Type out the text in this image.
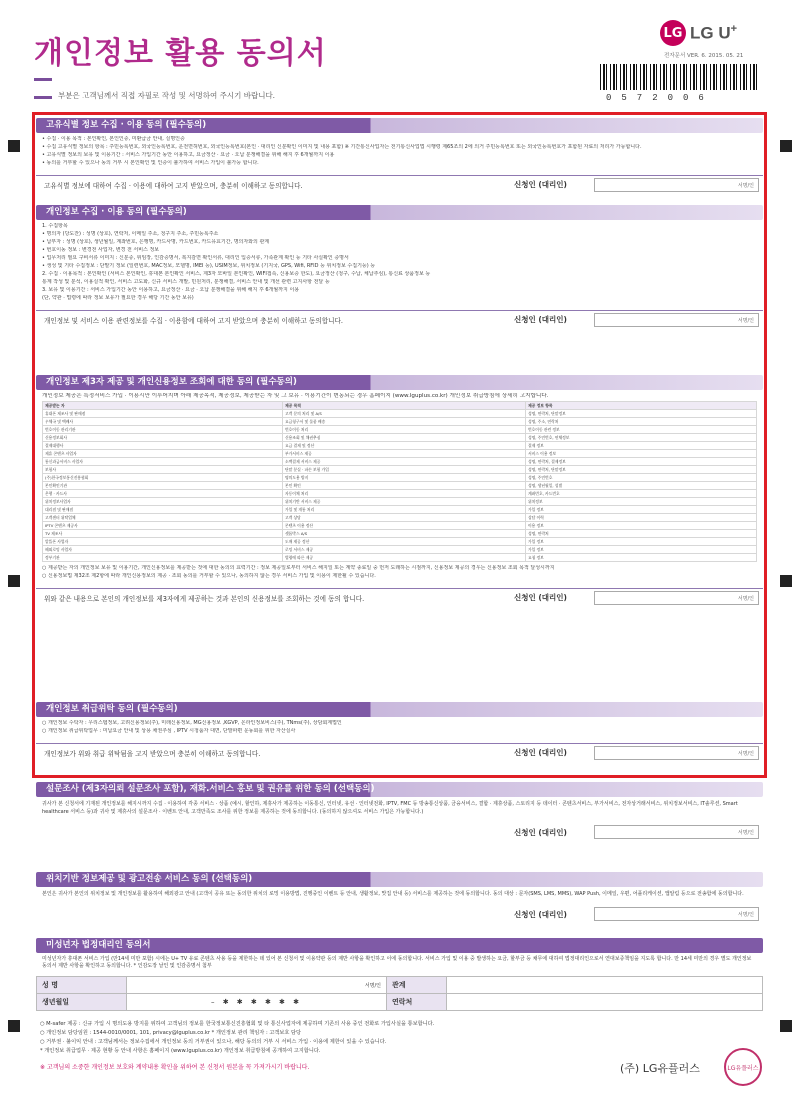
개인정보 활용 동의서
LG LG U+
전자문서 VER. 6. 2015. 05. 21
0572006
부분은 고객님께서 직접 자필로 작성 및 서명하여 주시기 바랍니다.
고유식별 정보 수집 · 이용 동의 (필수동의)
• 수집 · 이용 목적 : 본인확인, 본인인증, 미환급금 안내, 실명인증
• 수집 고유식별 정보의 항목 : 주민등록번호, 외국인등록번호, 운전면허번호, 외국인등록번호(본인 · 대리인 신분확인 이미지 및 내용 포함) ※ 기간통신사업자는 전기통신사업법 시행령 제65조의 2에 의거 주민등록번호 또는 외국인등록번호가 포함된 자료의 처리가 가능합니다.
• 고유식별 정보의 보유 및 이용기간 : 서비스 가입기간 동안 이용하고, 요금정산 · 요금 · 오납 분쟁해결을 위해 해지 후 6개월까지 이용
• 동의를 거부할 수 있으나 동의 거부 시 본인확인 및 인증이 불가하여 서비스 가입이 불가능 합니다.
고유식별 정보에 대하여 수집 · 이용에 대하여 고지 받았으며, 충분히 이해하고 동의합니다.	신청인 (대리인)	서명/인
개인정보 수집 · 이용 동의 (필수동의)
1. 수집항목
• 명의자 (당도잔) : 성명 (상호), 연락처, 이메일 주소, 청구지 주소, 주민등록주소
• 납부자 : 성명 (상호), 생년월일, 계좌번호, 은행명, 카드사명, 카드번호, 카드유효기간, 명의자와의 관계
• 번호이동 정보 : 변경전 사업자, 변경 전 서비스 정보
• 업무처리 필요 구비서류 이미지 : 신분증, 위임장, 인감증명서, 복지감면 확인서류, 대리인 입증서류, 가족관계 확인 등 기타 사실확인 증명서
• 생성 및 기타 수집정보 : 단말기 정보 (일련번호, MAC정보, 모델명, IMEI 등), USIM정보, 위치정보 (기지국, GPS, Wifi, RFID 등 위치정보 수집기능) 등
2. 수집 · 이용목적 : 본인확인 (서비스 본인확인, 휴대폰 본인확인 서비스, 제3자 모바일 본인확인, WIFI접속, 신용보증 한도), 요금정산 (청구, 수납, 체납추심), 통신료 상품정보 등
통계 작성 및 분석, 이용실적 확인, 서비스 고도화, 신규 서비스 개발, 민원처리, 분쟁해결, 서비스 안내 및 개선 관련 고지사항 전달 등
3. 보유 및 이용기간 : 서비스 가입기간 동안 이용하고, 요금정산 · 요금 · 오납 분쟁해결을 위해 해지 후 6개월까지 이용
(단, 약관 · 법령에 따라 정보 보유가 필요한 경우 해당 기간 동안 보유)
개인정보 및 서비스 이용 관련정보를 수집 · 이용함에 대하여 고지 받았으며 충분히 이해하고 동의합니다.	신청인 (대리인)	서명/인
개인정보 제3자 제공 및 개인신용정보 조회에 대한 동의 (필수동의)
개인정보 제공은 특정서비스 가입 · 이용시만 이루어지며 아래 제공목적, 제공정보, 제공받는 자 및 그 보유 · 이용기간이 변동되는 경우 홈페이지 (www.lguplus.co.kr) 개인정보 취급방침에 상세히 고지합니다.
제공받는 자	제공 목적	제공 정보 항목
휴대폰 제조사 및 판매점	고객 문의 처리 및 A/S	성명, 연락처, 단말정보
우체국 및 택배사	요금청구서 및 물품 배송	성명, 주소, 연락처
번호이동 관리기관	번호이동 처리	번호이동 관련 정보
신용정보회사	신용조회 및 채권추심	성명, 주민번호, 연체정보
결제대행사	요금 결제 및 정산	결제 정보
제휴 콘텐츠 사업자	부가서비스 제공	서비스 이용 정보
통신과금서비스 사업자	소액결제 서비스 제공	성명, 연락처, 결제정보
보험사	단말 분실 · 파손 보험 가입	성명, 연락처, 단말정보
(주)한국정보통신진흥협회	명의도용 방지	성명, 주민번호
본인확인기관	본인 확인	성명, 생년월일, 성별
은행 · 카드사	자동이체 처리	계좌번호, 카드번호
위치정보사업자	위치기반 서비스 제공	위치정보
대리점 및 판매점	가입 및 개통 처리	가입 정보
고객센터 위탁업체	고객 상담	상담 이력
IPTV 콘텐츠 제공사	콘텐츠 이용 정산	이용 정보
TV 제조사	셋톱박스 A/S	성명, 연락처
알뜰폰 사업자	도매 제공 정산	가입 정보
해외로밍 사업자	로밍 서비스 제공	가입 정보
정부기관	법령에 따른 제공	요청 정보
○ 제공받는 자의 개인정보 보유 및 이용기간, 개인신용정보를 제공받는 것에 대한 동의의 효력기간 : 정보 제공일로부터 서비스 해지일 또는 계약 종료일 중 먼저 도래하는 시점까지, 신용정보 제공의 경우는 신용정보 조회 목적 달성시까지
○ 신용정보법 제32조 제2항에 따라 개인신용정보의 제공 · 조회 동의를 거부할 수 있으나, 동의하지 않는 경우 서비스 가입 및 이용이 제한될 수 있습니다.
위와 같은 내용으로 본인의 개인정보를 제3자에게 제공하는 것과 본인의 신용정보를 조회하는 것에 동의 합니다.	신청인 (대리인)	서명/인
개인정보 취급위탁 동의 (필수동의)
○ 개인정보 수탁자 : 우리스템정보, 고려신용정보(주), 미래신용정보, MG신용정보 ,KGVP, 온라인정보비스(주), TNms(주), 상담회계법인
○ 개인정보 취급위탁업무 : 미납요금 안내 및 상용 채권추심 , IPTV 시청품자 대면, 단말파편 운동회를 위한 자산실사
개인정보가 위와 취급 위탁됨을 고지 받았으며 충분히 이해하고 동의합니다.	신청인 (대리인)	서명/인
설문조사 (제3자의뢰 설문조사 포함), 재화.서비스 홍보 및 권유를 위한 동의 (선택동의)
귀사가 본 신청서에 기재된 개인정보를 해지시까지 수집 · 이용하여 각종 서비스 · 상품 (예시, 할인하, 제휴사가 제공하는 이동통신, 인터넷, 유선 · 인터넷전화, IPTV, FMC 등 방송통신상품, 금융서비스, 결합 · 제휴상품, 스토리지 등 데이터 · 콘텐츠서비스, 부가서비스, 전자상거래서비스, 위치정보서비스, IT솔루션, Smart healthcare 서비스 등)과 귀사 및 제휴사의 설문조사 · 이벤트 안내, 고객만족도 조사를 위한 정보를 제공하는 것에 동의합니다. (동의하지 않으셔도 서비스 가입은 가능합니다.)
신청인 (대리인)	서명/인
위치기반 정보제공 및 광고전송 서비스 동의 (선택동의)
본인은 귀사가 본인의 위치정보 및 개인정보를 활용하여 해외광고 안내 (고객이 공유 또는 동의한 위치의 로밍 이용방법, 진행중인 이벤트 등 안내, 생활정보, 맛집 안내 등) 서비스를 제공하는 것에 동의합니다. 동의 대상 : 문자(SMS, LMS, MMS), WAP Push, 이메일, 우편, 어플리케이션, 앱알림 등으로 전송함에 동의합니다.
신청인 (대리인)	서명/인
미성년자 법정대리인 동의서
미성년자가 휴대폰 서비스 가입 (만14세 미만 포함) 시에는 U+ TV 유료 콘텐츠 사용 등을 제한하는 데 있어 본 신청서 및 이용약관 등의 제반 사항을 확인하고 이에 동의합니다. 서비스 가입 및 이용 중 발생하는 요금, 할부금 등 채무에 대하여 법정대리인으로서 연대보증책임을 지도록 합니다. 만 14세 미만의 경우 별도 개인정보 동의서 제반 사항을 확인하고 동의합니다. * 인감도장 날인 및 인감증명서 첨부
성 명	서명/인	관계	
생년월일	– ✱ ✱ ✱ ✱ ✱ ✱	연락처	
○ M-safer 제공 : 신규 가입 시 명의도용 방지를 위하여 고객님의 정보를 한국정보통신진흥협회 및 타 통신사업자에 제공하며 기존의 사용 중인 전화로 가입사실을 통보합니다.
○ 개인정보 담당임원 : 1544-0010/0001, 101, privacy@lguplus.co.kr * 개인정보 관리 책임자 : 고객보호 담당
○ 거부권 · 불이익 안내 : 고객님께서는 정보수집에서 개인정보 동의 거부권이 있으나, 해당 동의의 거부 시 서비스 가입 · 이용에 제한이 있을 수 있습니다.
* 개인정보 취급업무 · 제공 현황 등 안내 사항은 홈페이지 (www.lguplus.co.kr) 개인정보 취급방침에 공개하여 고지합니다.
※ 고객님의 소중한 개인정보 보호와 계약내용 확인을 위하여 본 신청서 원본을 꼭 가져가시기 바랍니다.	(주) LG유플러스	LG유플러스
